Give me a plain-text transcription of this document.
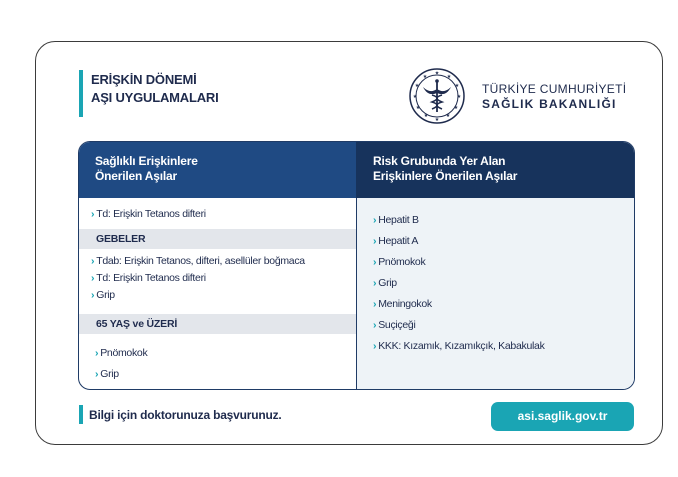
ERİŞKİN DÖNEMİ
AŞI UYGULAMALARI
★
★
★
★
★
★
★
★
★
★
★
★
TÜRKİYE CUMHURİYETİ
SAĞLIK BAKANLIĞI
Sağlıklı Erişkinlere
Önerilen Aşılar
Risk Grubunda Yer Alan
Erişkinlere Önerilen Aşılar
› Td: Erişkin Tetanos difteri
GEBELER
› Tdab: Erişkin Tetanos, difteri, asellüler boğmaca
› Td: Erişkin Tetanos difteri
› Grip
65 YAŞ ve ÜZERİ
› Pnömokok
› Grip
› Hepatit B
› Hepatit A
› Pnömokok
› Grip
› Meningokok
› Suçiçeği
› KKK: Kızamık, Kızamıkçık, Kabakulak
Bilgi için doktorunuza başvurunuz.	asi.saglik.gov.tr
